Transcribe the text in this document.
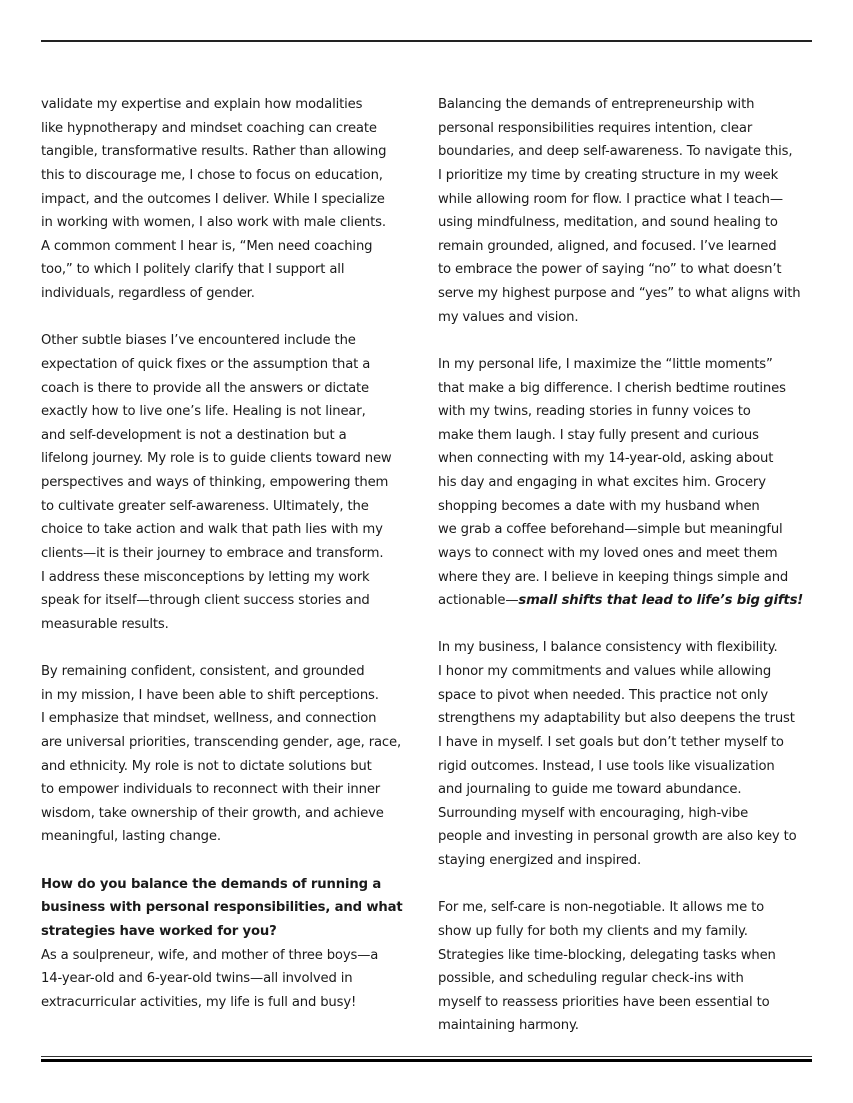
validate my expertise and explain how modalities
like hypnotherapy and mindset coaching can create
tangible, transformative results. Rather than allowing
this to discourage me, I chose to focus on education,
impact, and the outcomes I deliver. While I specialize
in working with women, I also work with male clients.
A common comment I hear is, “Men need coaching
too,” to which I politely clarify that I support all
individuals, regardless of gender.
Other subtle biases I’ve encountered include the
expectation of quick fixes or the assumption that a
coach is there to provide all the answers or dictate
exactly how to live one’s life. Healing is not linear,
and self-development is not a destination but a
lifelong journey. My role is to guide clients toward new
perspectives and ways of thinking, empowering them
to cultivate greater self-awareness. Ultimately, the
choice to take action and walk that path lies with my
clients—it is their journey to embrace and transform.
I address these misconceptions by letting my work
speak for itself—through client success stories and
measurable results.
By remaining confident, consistent, and grounded
in my mission, I have been able to shift perceptions.
I emphasize that mindset, wellness, and connection
are universal priorities, transcending gender, age, race,
and ethnicity. My role is not to dictate solutions but
to empower individuals to reconnect with their inner
wisdom, take ownership of their growth, and achieve
meaningful, lasting change.
How do you balance the demands of running a
business with personal responsibilities, and what
strategies have worked for you?
As a soulpreneur, wife, and mother of three boys—a
14-year-old and 6-year-old twins—all involved in
extracurricular activities, my life is full and busy!
Balancing the demands of entrepreneurship with
personal responsibilities requires intention, clear
boundaries, and deep self-awareness. To navigate this,
I prioritize my time by creating structure in my week
while allowing room for flow. I practice what I teach—
using mindfulness, meditation, and sound healing to
remain grounded, aligned, and focused. I’ve learned
to embrace the power of saying “no” to what doesn’t
serve my highest purpose and “yes” to what aligns with
my values and vision.
In my personal life, I maximize the “little moments”
that make a big difference. I cherish bedtime routines
with my twins, reading stories in funny voices to
make them laugh. I stay fully present and curious
when connecting with my 14-year-old, asking about
his day and engaging in what excites him. Grocery
shopping becomes a date with my husband when
we grab a coffee beforehand—simple but meaningful
ways to connect with my loved ones and meet them
where they are. I believe in keeping things simple and
actionable—small shifts that lead to life’s big gifts!
In my business, I balance consistency with flexibility.
I honor my commitments and values while allowing
space to pivot when needed. This practice not only
strengthens my adaptability but also deepens the trust
I have in myself. I set goals but don’t tether myself to
rigid outcomes. Instead, I use tools like visualization
and journaling to guide me toward abundance.
Surrounding myself with encouraging, high-vibe
people and investing in personal growth are also key to
staying energized and inspired.
For me, self-care is non-negotiable. It allows me to
show up fully for both my clients and my family.
Strategies like time-blocking, delegating tasks when
possible, and scheduling regular check-ins with
myself to reassess priorities have been essential to
maintaining harmony.
